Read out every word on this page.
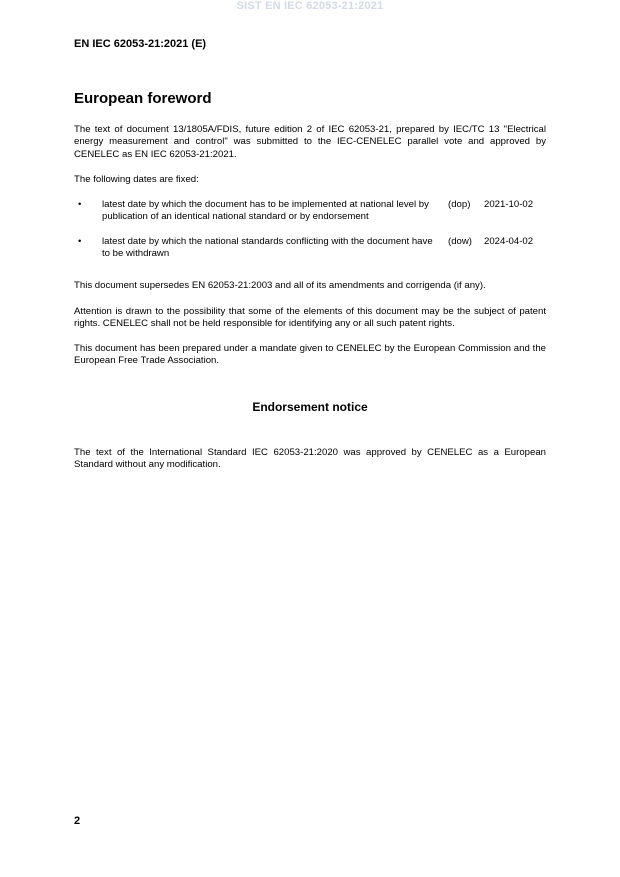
SIST EN IEC 62053-21:2021
EN IEC 62053-21:2021 (E)
European foreword

The text of document 13/1805A/FDIS, future edition 2 of IEC 62053-21, prepared by IEC/TC 13 "Electrical energy measurement and control" was submitted to the IEC-CENELEC parallel vote and approved by CENELEC as EN IEC 62053-21:2021.

The following dates are fixed:

• latest date by which the document has to be implemented at national level by publication of an identical national standard or by endorsement
(dop) 2021-10-02
• latest date by which the national standards conflicting with the document have to be withdrawn
(dow) 2024-04-02

This document supersedes EN 62053-21:2003 and all of its amendments and corrigenda (if any).

Attention is drawn to the possibility that some of the elements of this document may be the subject of patent rights. CENELEC shall not be held responsible for identifying any or all such patent rights.

This document has been prepared under a mandate given to CENELEC by the European Commission and the European Free Trade Association.

Endorsement notice

The text of the International Standard IEC 62053-21:2020 was approved by CENELEC as a European Standard without any modification.

2
